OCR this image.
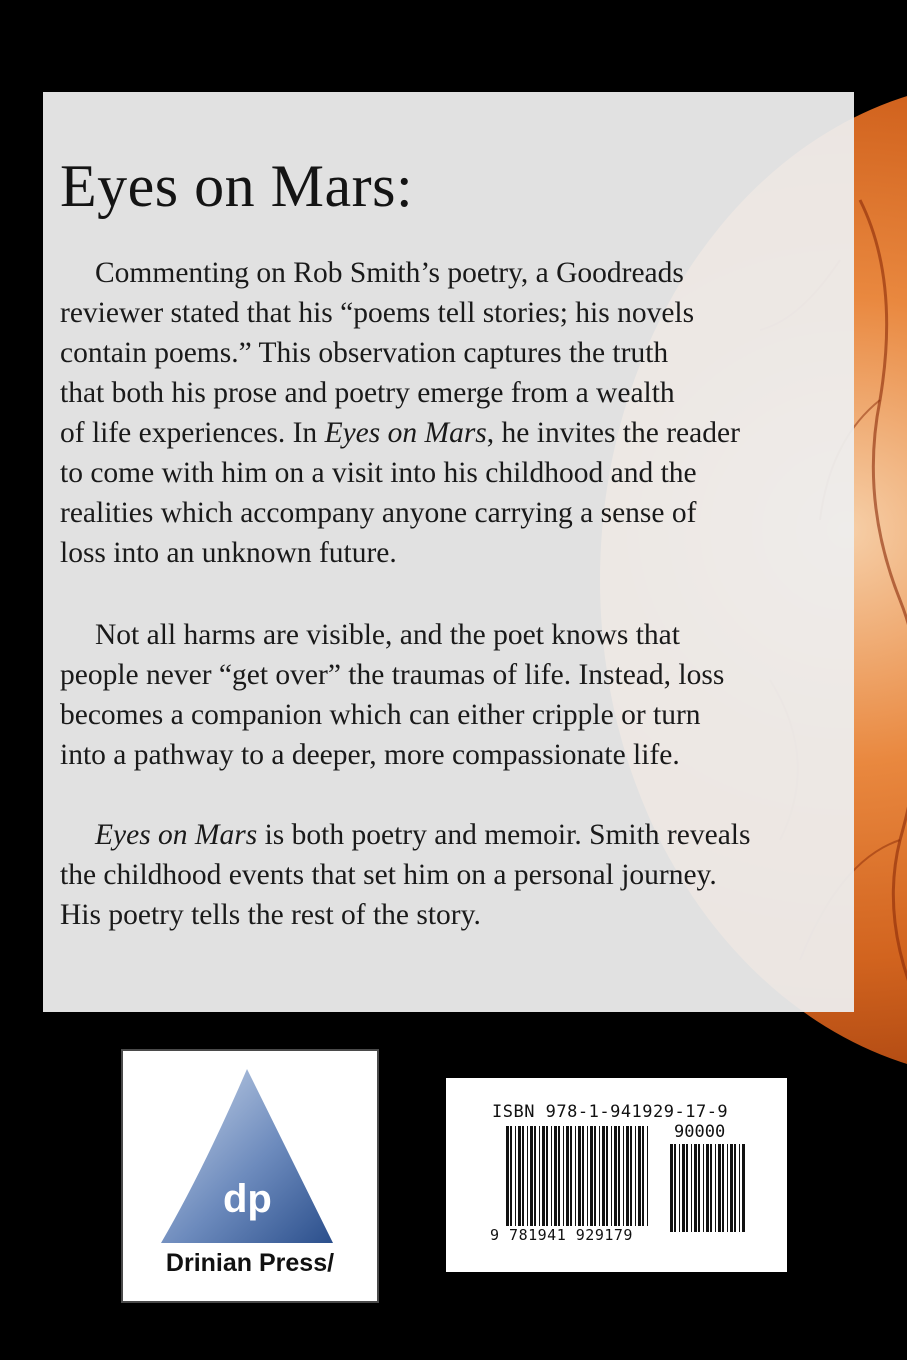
Eyes on Mars:

Commenting on Rob Smith’s poetry, a Goodreads
reviewer stated that his “poems tell stories; his novels
contain poems.” This observation captures the truth
that both his prose and poetry emerge from a wealth
of life experiences. In Eyes on Mars, he invites the reader
to come with him on a visit into his childhood and the
realities which accompany anyone carrying a sense of
loss into an unknown future.

Not all harms are visible, and the poet knows that
people never “get over” the traumas of life. Instead, loss
becomes a companion which can either cripple or turn
into a pathway to a deeper, more compassionate life.

Eyes on Mars is both poetry and memoir. Smith reveals
the childhood events that set him on a personal journey.
His poetry tells the rest of the story.

dp
Drinian Press/
ISBN 978-1-941929-17-9
90000
9 781941 929179
